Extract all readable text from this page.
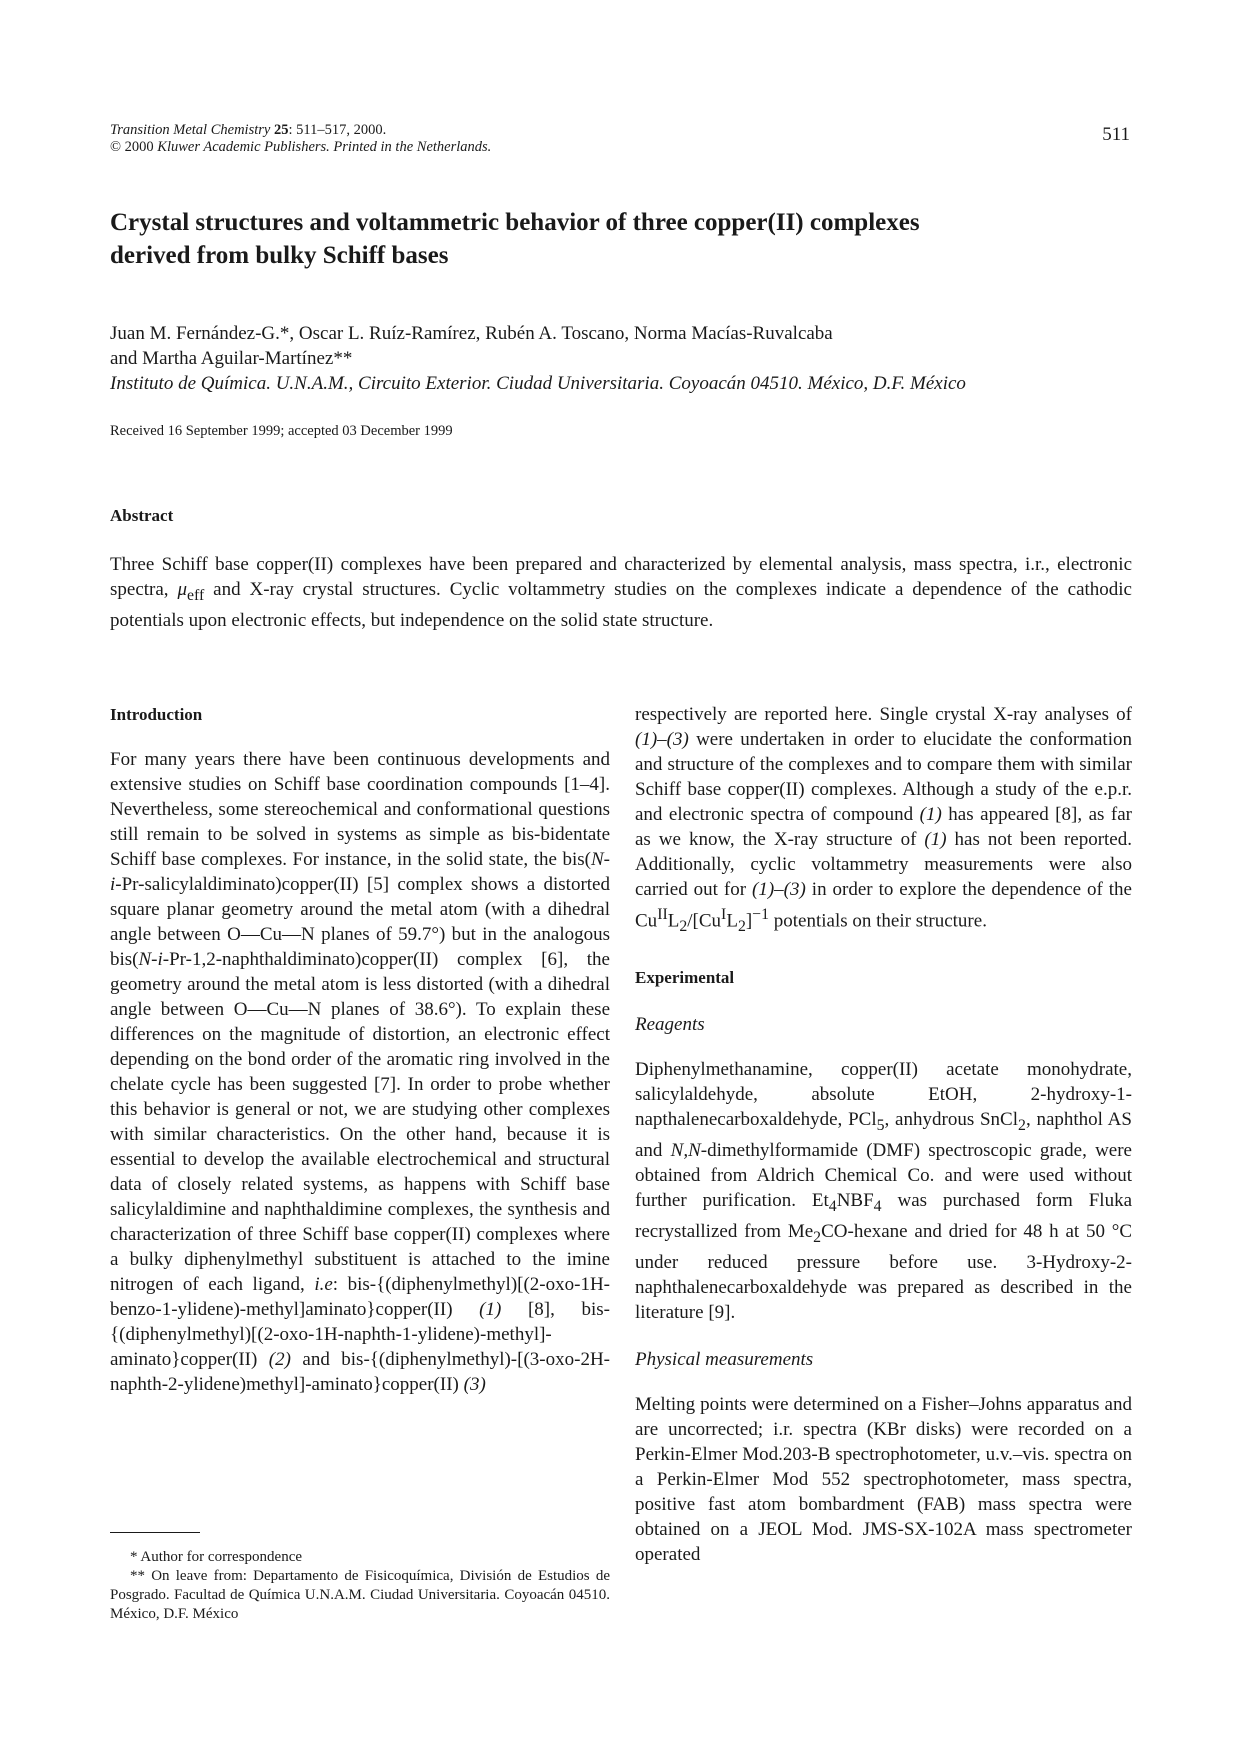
Transition Metal Chemistry 25: 511–517, 2000.
© 2000 Kluwer Academic Publishers. Printed in the Netherlands.
511
Crystal structures and voltammetric behavior of three copper(II) complexes
derived from bulky Schiff bases
Juan M. Fernández-G.*, Oscar L. Ruíz-Ramírez, Rubén A. Toscano, Norma Macías-Ruvalcaba
and Martha Aguilar-Martínez**
Instituto de Química. U.N.A.M., Circuito Exterior. Ciudad Universitaria. Coyoacán 04510. México, D.F. México
Received 16 September 1999; accepted 03 December 1999
Abstract
Three Schiff base copper(II) complexes have been prepared and characterized by elemental analysis, mass spectra, i.r., electronic spectra, $\mu_{eff}$ and X-ray crystal structures. Cyclic voltammetry studies on the complexes indicate a dependence of the cathodic potentials upon electronic effects, but independence on the solid state structure.
Introduction

For many years there have been continuous developments and extensive studies on Schiff base coordination compounds [1–4]. Nevertheless, some stereochemical and conformational questions still remain to be solved in systems as simple as bis-bidentate Schiff base complexes. For instance, in the solid state, the bis(N-i-Pr-salicylaldiminato)copper(II) [5] complex shows a distorted square planar geometry around the metal atom (with a dihedral angle between O—Cu—N planes of 59.7°) but in the analogous bis(N-i-Pr-1,2-naphthaldiminato)copper(II) complex [6], the geometry around the metal atom is less distorted (with a dihedral angle between O—Cu—N planes of 38.6°). To explain these differences on the magnitude of distortion, an electronic effect depending on the bond order of the aromatic ring involved in the chelate cycle has been suggested [7]. In order to probe whether this behavior is general or not, we are studying other complexes with similar characteristics. On the other hand, because it is essential to develop the available electrochemical and structural data of closely related systems, as happens with Schiff base salicylaldimine and naphthaldimine complexes, the synthesis and characterization of three Schiff base copper(II) complexes where a bulky diphenylmethyl substituent is attached to the imine nitrogen of each ligand, i.e: bis-{(diphenylmethyl)[(2-oxo-1H-benzo-1-ylidene)-methyl]aminato}copper(II) (1) [8], bis-{(diphenylmethyl)[(2-oxo-1H-naphth-1-ylidene)-methyl]-aminato}copper(II) (2) and bis-{(diphenylmethyl)-[(3-oxo-2H-naphth-2-ylidene)methyl]-aminato}copper(II) (3)

* Author for correspondence

** On leave from: Departamento de Fisicoquímica, División de Estudios de Posgrado. Facultad de Química U.N.A.M. Ciudad Universitaria. Coyoacán 04510. México, D.F. México

respectively are reported here. Single crystal X-ray analyses of (1)–(3) were undertaken in order to elucidate the conformation and structure of the complexes and to compare them with similar Schiff base copper(II) complexes. Although a study of the e.p.r. and electronic spectra of compound (1) has appeared [8], as far as we know, the X-ray structure of (1) has not been reported. Additionally, cyclic voltammetry measurements were also carried out for (1)–(3) in order to explore the dependence of the $Cu^{II}L_2/[Cu^IL_2]^{-1}$ potentials on their structure.

Experimental
Reagents

Diphenylmethanamine, copper(II) acetate monohydrate, salicylaldehyde, absolute EtOH, 2-hydroxy-1-napthalenecarboxaldehyde, PCl$_5$, anhydrous SnCl$_2$, naphthol AS and N,N-dimethylformamide (DMF) spectroscopic grade, were obtained from Aldrich Chemical Co. and were used without further purification. $Et_4NBF_4$ was purchased form Fluka recrystallized from $Me_2CO$-hexane and dried for 48 h at 50 °C under reduced pressure before use. 3-Hydroxy-2-naphthalenecarboxaldehyde was prepared as described in the literature [9].

Physical measurements

Melting points were determined on a Fisher–Johns apparatus and are uncorrected; i.r. spectra (KBr disks) were recorded on a Perkin-Elmer Mod.203-B spectrophotometer, u.v.–vis. spectra on a Perkin-Elmer Mod 552 spectrophotometer, mass spectra, positive fast atom bombardment (FAB) mass spectra were obtained on a JEOL Mod. JMS-SX-102A mass spectrometer operated
